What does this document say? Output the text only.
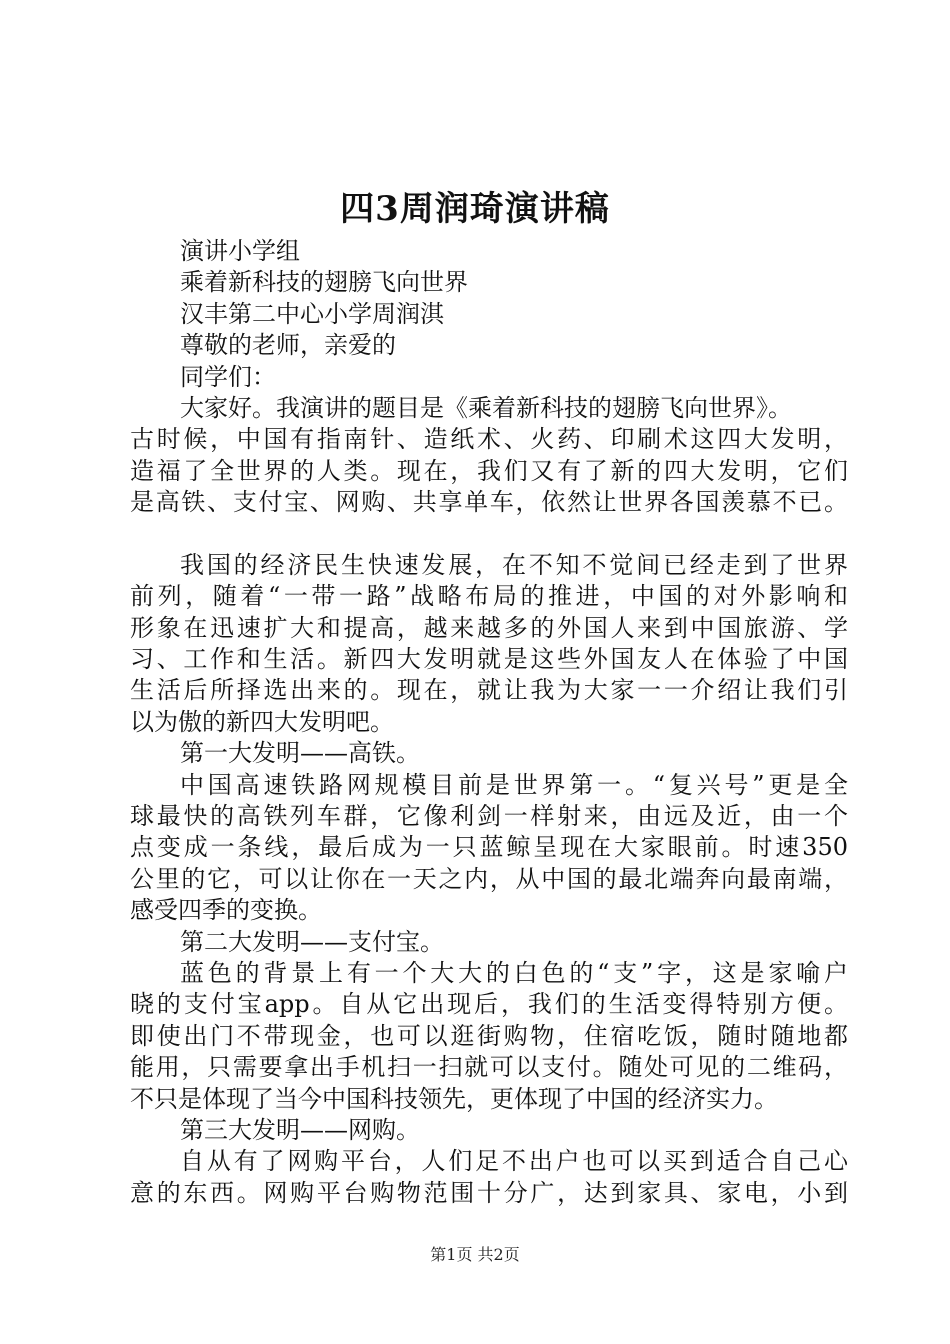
四3周润琦演讲稿
演讲小学组
乘着新科技的翅膀飞向世界
汉丰第二中心小学周润淇
尊敬的老师，亲爱的
同学们：
大家好。我演讲的题目是《乘着新科技的翅膀飞向世界》。
古时候，中国有指南针、造纸术、火药、印刷术这四大发明，
造福了全世界的人类。现在，我们又有了新的四大发明，它们
是高铁、支付宝、网购、共享单车，依然让世界各国羡慕不已。
我国的经济民生快速发展，在不知不觉间已经走到了世界
前列，随着“一带一路”战略布局的推进，中国的对外影响和
形象在迅速扩大和提高，越来越多的外国人来到中国旅游、学
习、工作和生活。新四大发明就是这些外国友人在体验了中国
生活后所择选出来的。现在，就让我为大家一一介绍让我们引
以为傲的新四大发明吧。
第一大发明——高铁。
中国高速铁路网规模目前是世界第一。“复兴号”更是全
球最快的高铁列车群，它像利剑一样射来，由远及近，由一个
点变成一条线，最后成为一只蓝鲸呈现在大家眼前。时速350
公里的它，可以让你在一天之内，从中国的最北端奔向最南端，
感受四季的变换。
第二大发明——支付宝。
蓝色的背景上有一个大大的白色的“支”字，这是家喻户
晓的支付宝app。自从它出现后，我们的生活变得特别方便。
即使出门不带现金，也可以逛街购物，住宿吃饭，随时随地都
能用，只需要拿出手机扫一扫就可以支付。随处可见的二维码，
不只是体现了当今中国科技领先，更体现了中国的经济实力。
第三大发明——网购。
自从有了网购平台，人们足不出户也可以买到适合自己心
意的东西。网购平台购物范围十分广，达到家具、家电，小到
第1页 共2页
